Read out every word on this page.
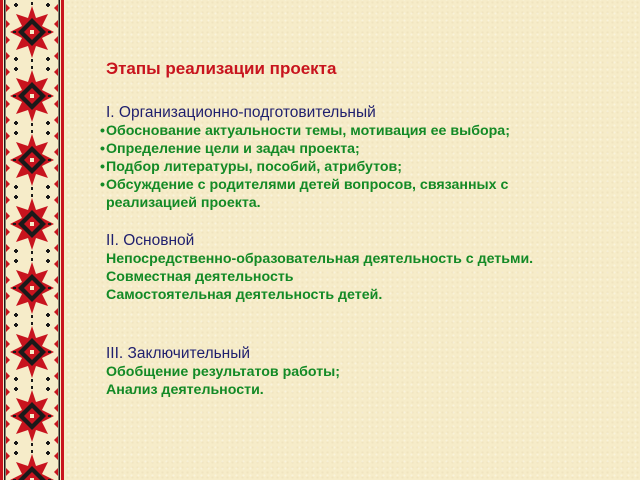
Этапы реализации проекта
I. Организационно-подготовительный
•Обоснование актуальности темы, мотивация ее выбора;
•Определение цели и задач проекта;
•Подбор литературы, пособий, атрибутов;
•Обсуждение с родителями детей вопросов, связанных с
реализацией проекта.
II. Основной
Непосредственно-образовательная деятельность с детьми.
Совместная деятельность
Самостоятельная деятельность детей.
III. Заключительный
Обобщение результатов работы;
Анализ деятельности.
